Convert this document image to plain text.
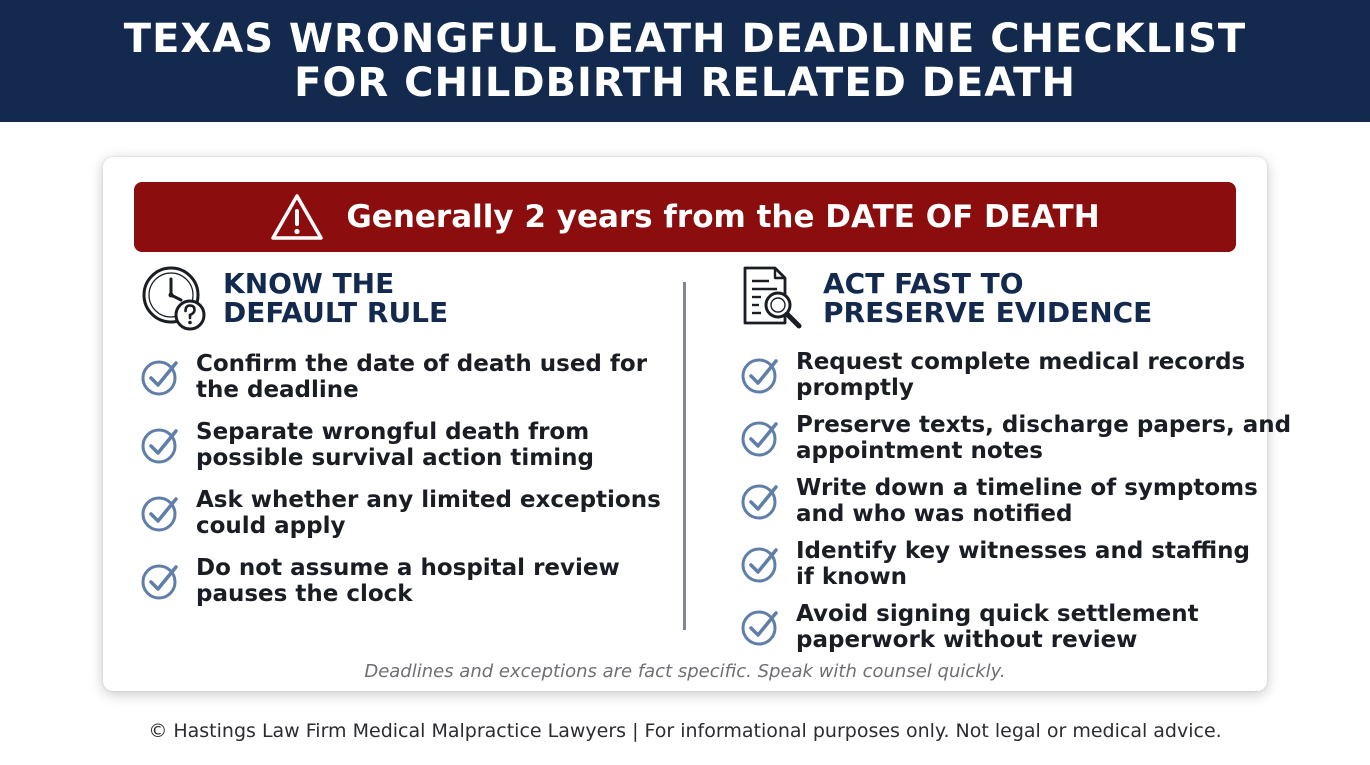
TEXAS WRONGFUL DEATH DEADLINE CHECKLIST
FOR CHILDBIRTH RELATED DEATH
Generally 2 years from the DATE OF DEATH
KNOW THE
DEFAULT RULE
Confirm the date of death used for
the deadline
Separate wrongful death from
possible survival action timing
Ask whether any limited exceptions
could apply
Do not assume a hospital review
pauses the clock
ACT FAST TO
PRESERVE EVIDENCE
Request complete medical records
promptly
Preserve texts, discharge papers, and
appointment notes
Write down a timeline of symptoms
and who was notified
Identify key witnesses and staffing
if known
Avoid signing quick settlement
paperwork without review
Deadlines and exceptions are fact specific. Speak with counsel quickly.
© Hastings Law Firm Medical Malpractice Lawyers | For informational purposes only. Not legal or medical advice.
